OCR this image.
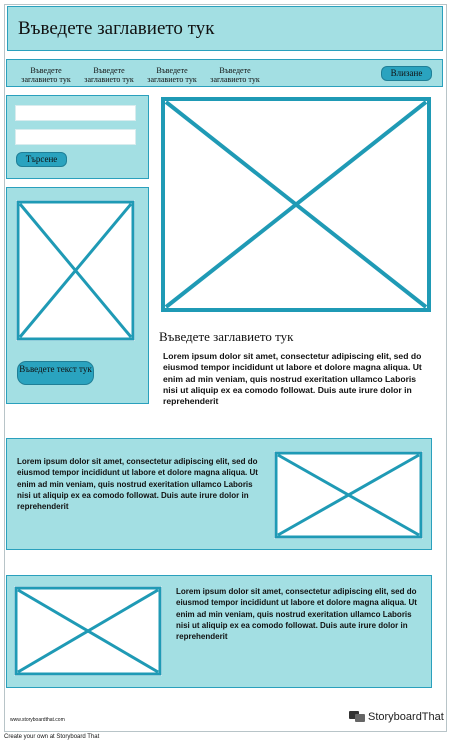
Въведете заглавието тук
Въведете заглавието тук
Въведете заглавието тук
Въведете заглавието тук
Въведете заглавието тук
Влизане
Търсене
Въведете текст тук
Въведете заглавието тук
Lorem ipsum dolor sit amet, consectetur adipiscing elit, sed do eiusmod tempor incididunt ut labore et dolore magna aliqua. Ut enim ad min veniam, quis nostrud exeritation ullamco Laboris nisi ut aliquip ex ea comodo followat. Duis aute irure dolor in reprehenderit
Lorem ipsum dolor sit amet, consectetur adipiscing elit, sed do eiusmod tempor incididunt ut labore et dolore magna aliqua. Ut enim ad min veniam, quis nostrud exeritation ullamco Laboris nisi ut aliquip ex ea comodo followat. Duis aute irure dolor in reprehenderit
Lorem ipsum dolor sit amet, consectetur adipiscing elit, sed do eiusmod tempor incididunt ut labore et dolore magna aliqua. Ut enim ad min veniam, quis nostrud exeritation ullamco Laboris nisi ut aliquip ex ea comodo followat. Duis aute irure dolor in reprehenderit
www.storyboardthat.com	StoryboardThat
Create your own at Storyboard That
